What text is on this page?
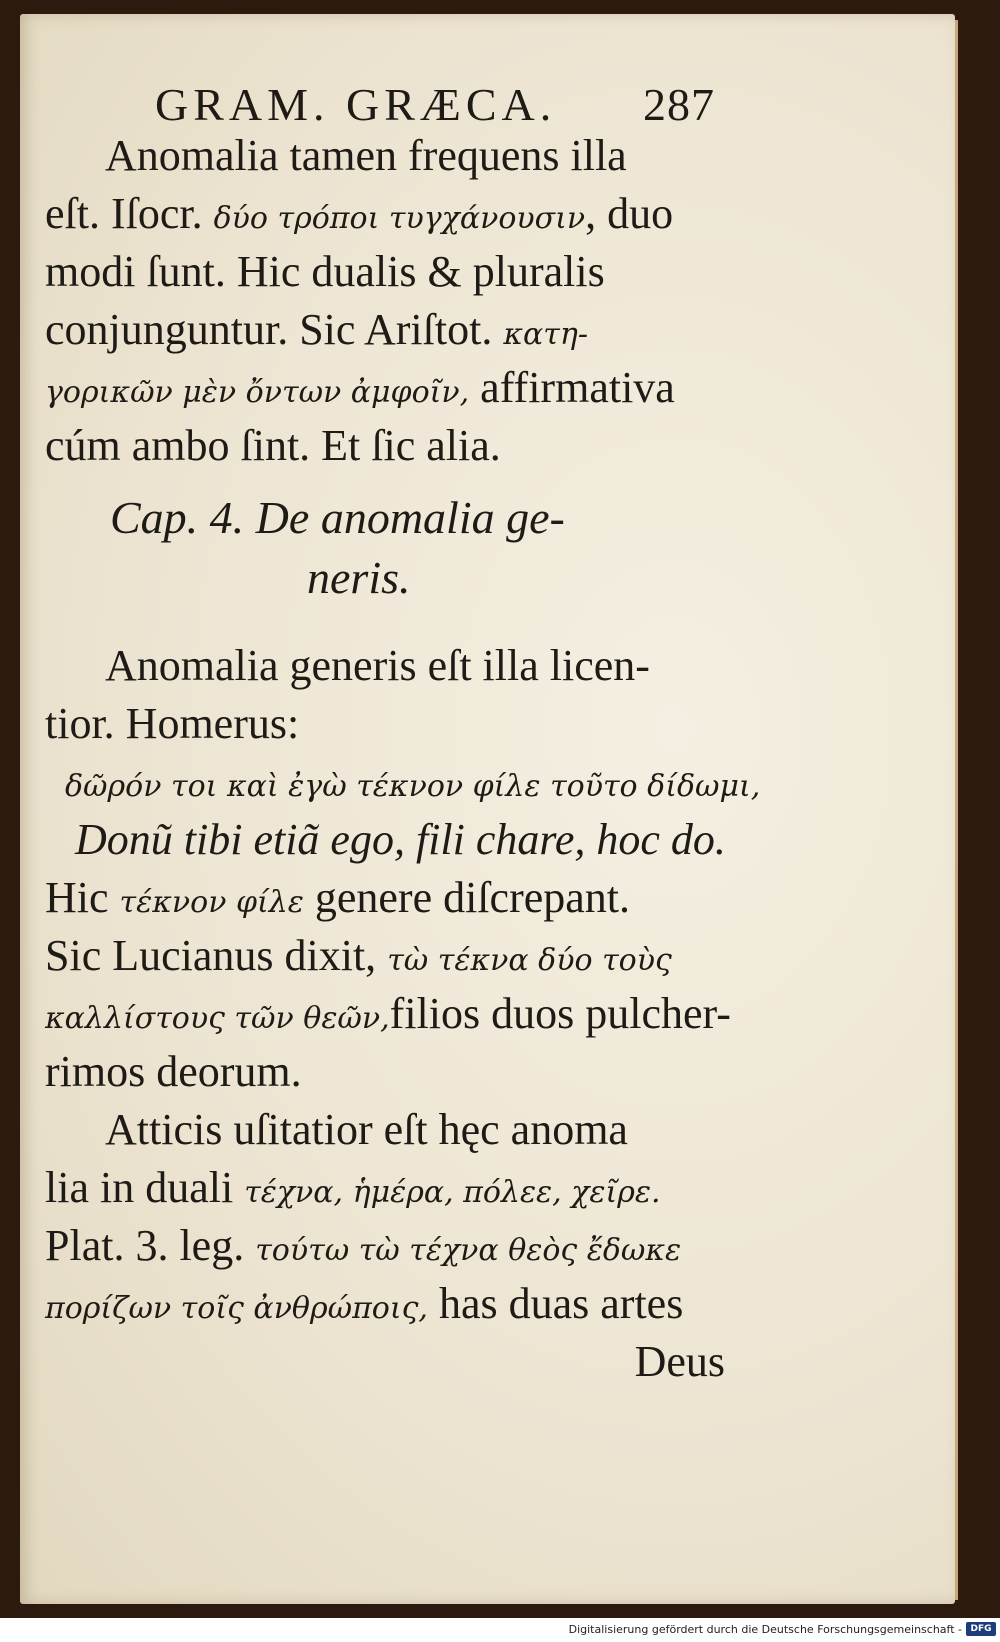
GRAM. GRÆCA. 287
Anomalia tamen frequens illa
eſt. Iſocr. δύο τρόποι τυγχάνουσιν, duo
modi ſunt. Hic dualis & pluralis
conjunguntur. Sic Ariſtot. κατη-
γορικῶν μὲν ὄντων ἀμφοῖν, affirmativa
cúm ambo ſint. Et ſic alia.
Cap. 4. De anomalia ge-
neris.
Anomalia generis eſt illa licen-
tior. Homerus:
δῶρόν τοι καὶ ἐγὼ τέκνον φίλε τοῦτο δίδωμι,
Donũ tibi etiã ego, fili chare, hoc do.
Hic τέκνον φίλε genere diſcrepant.
Sic Lucianus dixit, τὼ τέκνα δύο τοὺς
καλλίστους τῶν θεῶν,filios duos pulcher-
rimos deorum.
Atticis uſitatior eſt hęc anoma
lia in duali τέχνα, ἡμέρα, πόλεε, χεῖρε.
Plat. 3. leg. τούτω τὼ τέχνα θεὸς ἔδωκε
πορίζων τοῖς ἀνθρώποις, has duas artes
Deus
Digitalisierung gefördert durch die Deutsche Forschungsgemeinschaft - DFG
